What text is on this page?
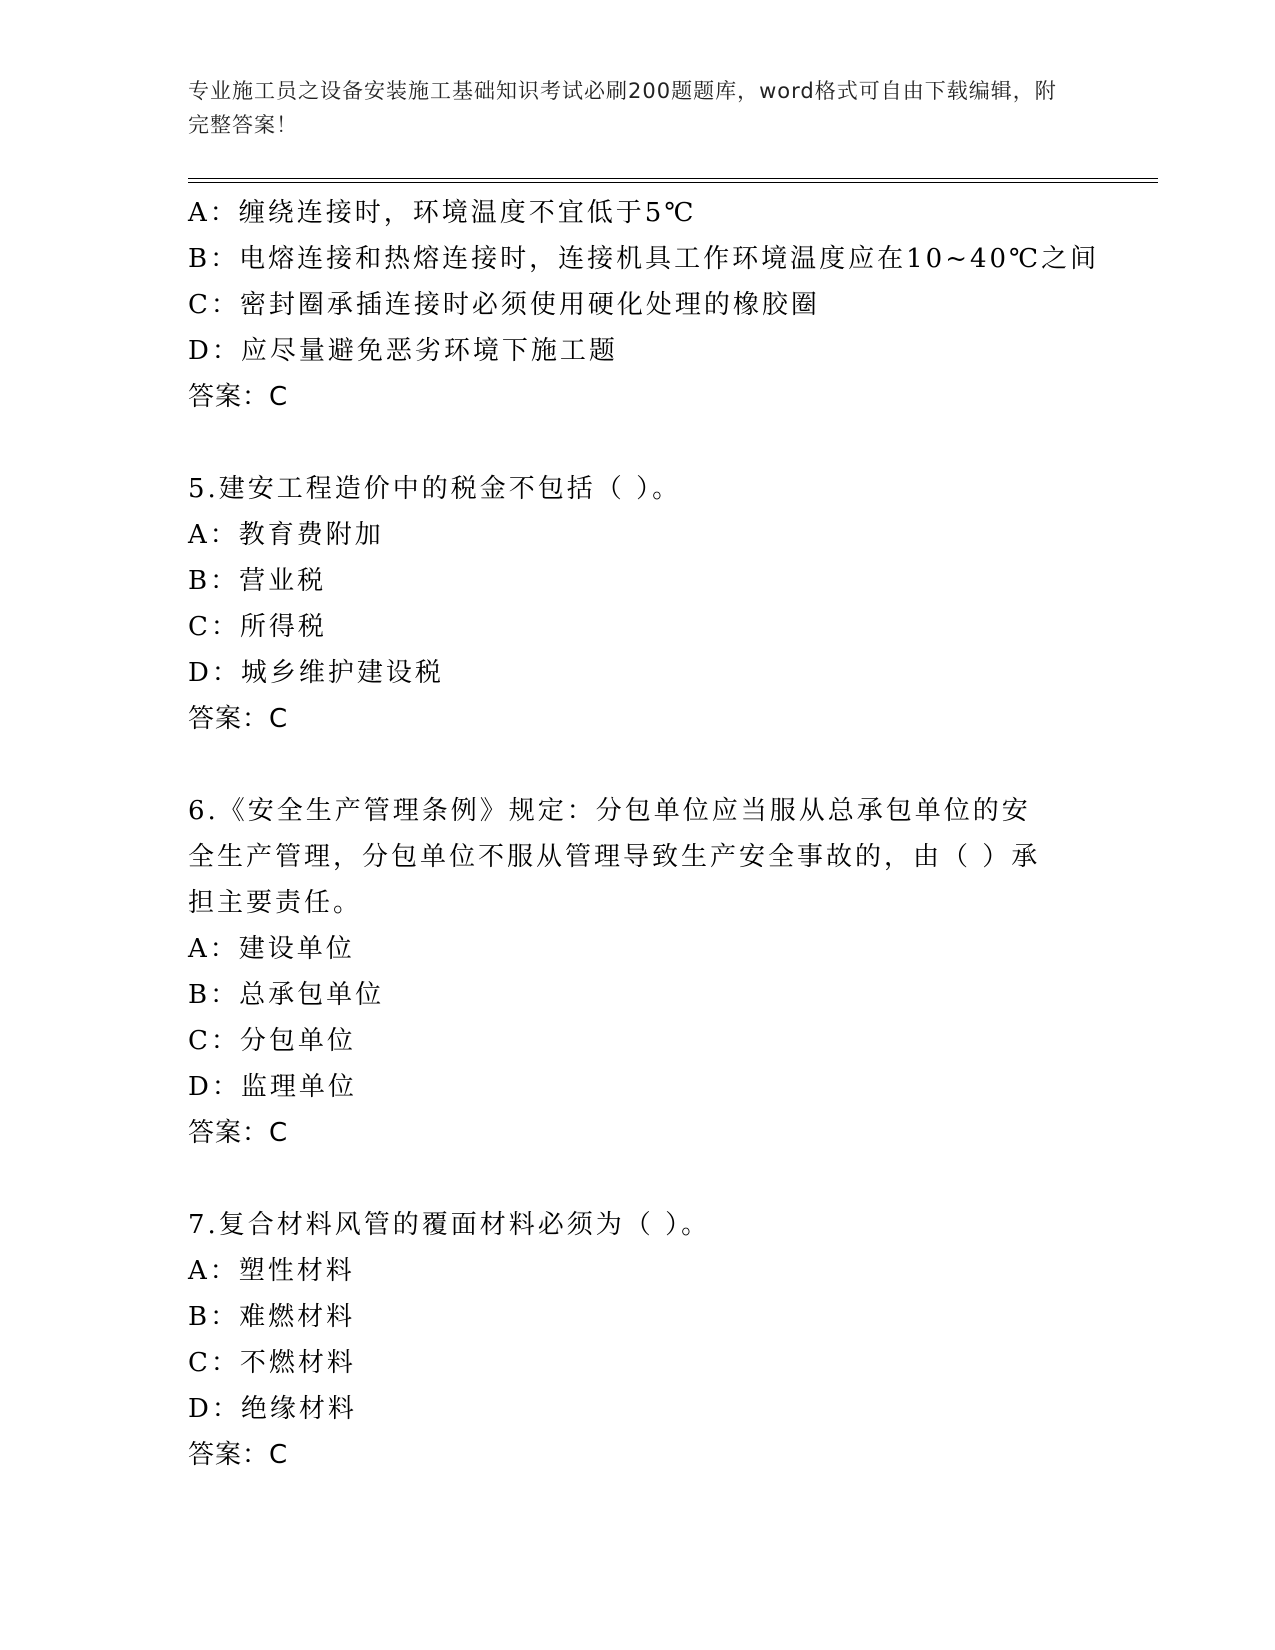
专业施工员之设备安装施工基础知识考试必刷200题题库，word格式可自由下载编辑，附完整答案！
A：缠绕连接时，环境温度不宜低于5℃
B：电熔连接和热熔连接时，连接机具工作环境温度应在10~40℃之间
C：密封圈承插连接时必须使用硬化处理的橡胶圈
D：应尽量避免恶劣环境下施工题
答案：C
5.建安工程造价中的税金不包括（ ）。
A：教育费附加
B：营业税
C：所得税
D：城乡维护建设税
答案：C
6.《安全生产管理条例》规定：分包单位应当服从总承包单位的安全生产管理，分包单位不服从管理导致生产安全事故的，由（ ）承担主要责任。
A：建设单位
B：总承包单位
C：分包单位
D：监理单位
答案：C
7.复合材料风管的覆面材料必须为（ ）。
A：塑性材料
B：难燃材料
C：不燃材料
D：绝缘材料
答案：C
